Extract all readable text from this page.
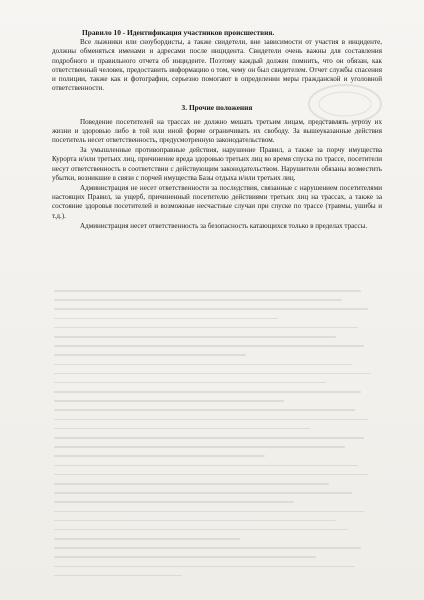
Правило 10 - Идентификация участников происшествия.

Все лыжники или сноубордисты, а также свидетели, вне зависимости от участия в инциденте, должны обменяться именами и адресами после инцидента. Свидетели очень важны для составления подробного и правильного отчета об инциденте. Поэтому каждый должен помнить, что он обязан, как ответственный человек, предоставить информацию о том, чему он был свидетелем. Отчет службы спасения и полиции, также как и фотографии, серьезно помогают в определении меры гражданской и уголовной ответственности.

3. Прочие положения

Поведение посетителей на трассах не должно мешать третьим лицам, представлять угрозу их жизни и здоровью либо в той или иной форме ограничивать их свободу. За вышеуказанные действия посетитель несет ответственность, предусмотренную законодательством.

За умышленные противоправные действия, нарушение Правил, а также за порчу имущества Курорта и/или третьих лиц, причинение вреда здоровью третьих лиц во время спуска по трассе, посетители несут ответственность в соответствии с действующим законодательством. Нарушители обязаны возместить убытки, возникшие в связи с порчей имущества Базы отдыха и/или третьих лиц.

Администрация не несет ответственности за последствия, связанные с нарушением посетителями настоящих Правил, за ущерб, причиненный посетителю действиями третьих лиц на трассах, а также за состояние здоровья посетителей и возможные несчастные случаи при спуске по трассе (травмы, ушибы и т.д.).

Администрация несет ответственность за безопасность катающихся только в пределах трассы.
